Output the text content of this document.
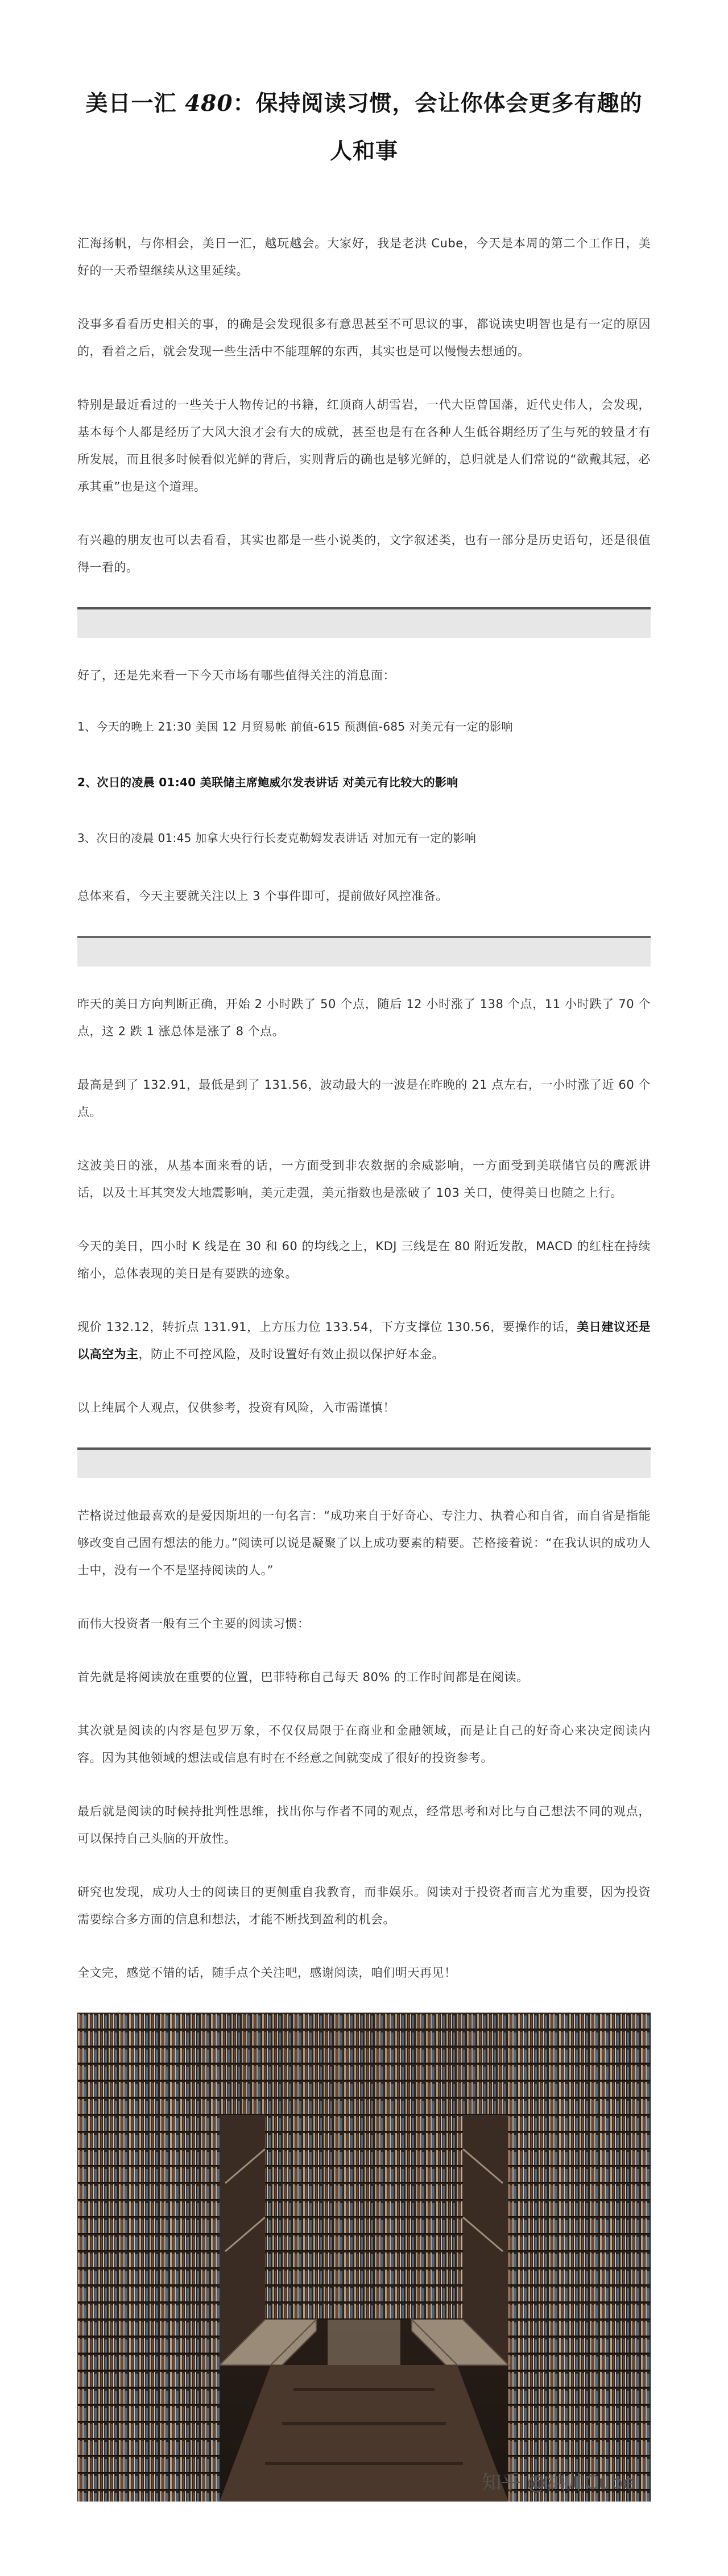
美日一汇 480：保持阅读习惯，会让你体会更多有趣的人和事

汇海扬帆，与你相会，美日一汇，越玩越会。大家好，我是老洪 Cube，今天是本周的第二个工作日，美好的一天希望继续从这里延续。

没事多看看历史相关的事，的确是会发现很多有意思甚至不可思议的事，都说读史明智也是有一定的原因的，看着之后，就会发现一些生活中不能理解的东西，其实也是可以慢慢去想通的。

特别是最近看过的一些关于人物传记的书籍，红顶商人胡雪岩，一代大臣曾国藩，近代史伟人，会发现，基本每个人都是经历了大风大浪才会有大的成就，甚至也是有在各种人生低谷期经历了生与死的较量才有所发展，而且很多时候看似光鲜的背后，实则背后的确也是够光鲜的，总归就是人们常说的“欲戴其冠，必承其重”也是这个道理。

有兴趣的朋友也可以去看看，其实也都是一些小说类的，文字叙述类，也有一部分是历史语句，还是很值得一看的。

好了，还是先来看一下今天市场有哪些值得关注的消息面：

1、今天的晚上 21:30 美国 12 月贸易帐 前值-615 预测值-685 对美元有一定的影响
2、次日的凌晨 01:40 美联储主席鲍威尔发表讲话 对美元有比较大的影响
3、次日的凌晨 01:45 加拿大央行行长麦克勒姆发表讲话 对加元有一定的影响

总体来看，今天主要就关注以上 3 个事件即可，提前做好风控准备。

昨天的美日方向判断正确，开始 2 小时跌了 50 个点，随后 12 小时涨了 138 个点，11 小时跌了 70 个点，这 2 跌 1 涨总体是涨了 8 个点。

最高是到了 132.91，最低是到了 131.56，波动最大的一波是在昨晚的 21 点左右，一小时涨了近 60 个点。

这波美日的涨，从基本面来看的话，一方面受到非农数据的余威影响，一方面受到美联储官员的鹰派讲话，以及土耳其突发大地震影响，美元走强，美元指数也是涨破了 103 关口，使得美日也随之上行。

今天的美日，四小时 K 线是在 30 和 60 的均线之上，KDJ 三线是在 80 附近发散，MACD 的红柱在持续缩小，总体表现的美日是有要跌的迹象。

现价 132.12，转折点 131.91，上方压力位 133.54，下方支撑位 130.56，要操作的话，美日建议还是以高空为主，防止不可控风险，及时设置好有效止损以保护好本金。

以上纯属个人观点，仅供参考，投资有风险，入市需谨慎！

芒格说过他最喜欢的是爱因斯坦的一句名言：“成功来自于好奇心、专注力、执着心和自省，而自省是指能够改变自己固有想法的能力。”阅读可以说是凝聚了以上成功要素的精要。芒格接着说：“在我认识的成功人士中，没有一个不是坚持阅读的人。”

而伟大投资者一般有三个主要的阅读习惯：

首先就是将阅读放在重要的位置，巴菲特称自己每天 80% 的工作时间都是在阅读。

其次就是阅读的内容是包罗万象，不仅仅局限于在商业和金融领域，而是让自己的好奇心来决定阅读内容。因为其他领域的想法或信息有时在不经意之间就变成了很好的投资参考。

最后就是阅读的时候持批判性思维，找出你与作者不同的观点，经常思考和对比与自己想法不同的观点，可以保持自己头脑的开放性。

研究也发现，成功人士的阅读目的更侧重自我教育，而非娱乐。阅读对于投资者而言尤为重要，因为投资需要综合多方面的信息和想法，才能不断找到盈利的机会。

全文完，感觉不错的话，随手点个关注吧，感谢阅读，咱们明天再见！

知乎 @洪帅Cube
